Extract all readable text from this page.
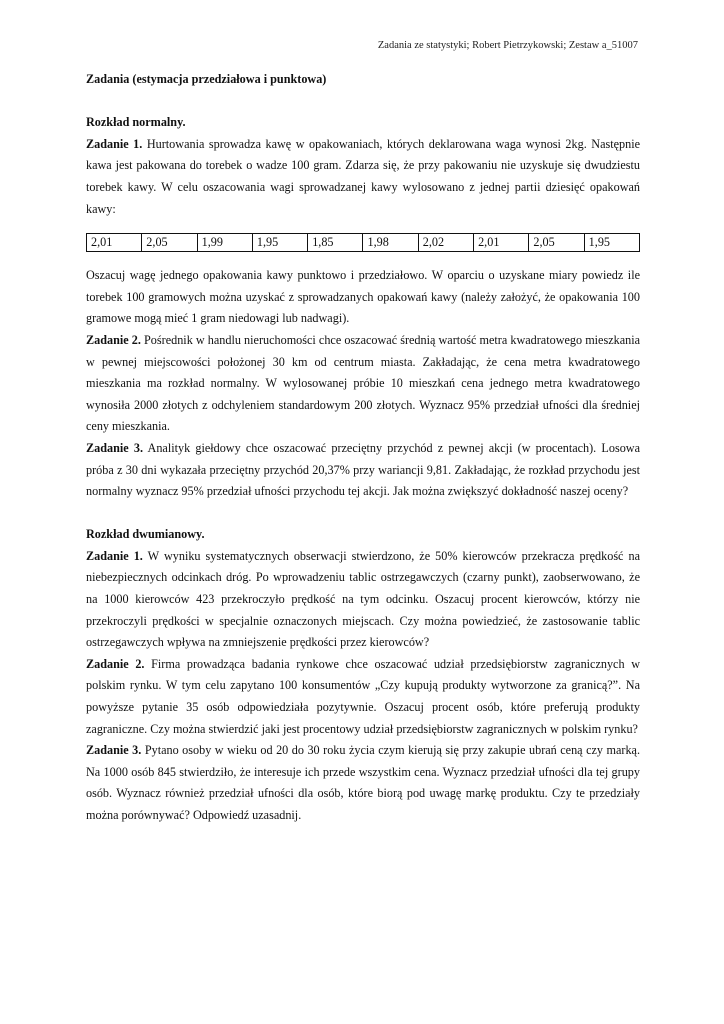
Zadania ze statystyki; Robert Pietrzykowski; Zestaw a_51007

Zadania (estymacja przedziałowa i punktowa)

Rozkład normalny.

Zadanie 1. Hurtowania sprowadza kawę w opakowaniach, których deklarowana waga wynosi 2kg. Następnie kawa jest pakowana do torebek o wadze 100 gram. Zdarza się, że przy pakowaniu nie uzyskuje się dwudziestu torebek kawy. W celu oszacowania wagi sprowadzanej kawy wylosowano z jednej partii dziesięć opakowań kawy:

2,01	2,05	1,99	1,95	1,85	1,98	2,02	2,01	2,05	1,95

Oszacuj wagę jednego opakowania kawy punktowo i przedziałowo. W oparciu o uzyskane miary powiedz ile torebek 100 gramowych można uzyskać z sprowadzanych opakowań kawy (należy założyć, że opakowania 100 gramowe mogą mieć 1 gram niedowagi lub nadwagi).

Zadanie 2. Pośrednik w handlu nieruchomości chce oszacować średnią wartość metra kwadratowego mieszkania w pewnej miejscowości położonej 30 km od centrum miasta. Zakładając, że cena metra kwadratowego mieszkania ma rozkład normalny. W wylosowanej próbie 10 mieszkań cena jednego metra kwadratowego wynosiła 2000 złotych z odchyleniem standardowym 200 złotych. Wyznacz 95% przedział ufności dla średniej ceny mieszkania.

Zadanie 3. Analityk giełdowy chce oszacować przeciętny przychód z pewnej akcji (w procentach). Losowa próba z 30 dni wykazała przeciętny przychód 20,37% przy wariancji 9,81. Zakładając, że rozkład przychodu jest normalny wyznacz 95% przedział ufności przychodu tej akcji. Jak można zwiększyć dokładność naszej oceny?

Rozkład dwumianowy.

Zadanie 1. W wyniku systematycznych obserwacji stwierdzono, że 50% kierowców przekracza prędkość na niebezpiecznych odcinkach dróg. Po wprowadzeniu tablic ostrzegawczych (czarny punkt), zaobserwowano, że na 1000 kierowców 423 przekroczyło prędkość na tym odcinku. Oszacuj procent kierowców, którzy nie przekroczyli prędkości w specjalnie oznaczonych miejscach. Czy można powiedzieć, że zastosowanie tablic ostrzegawczych wpływa na zmniejszenie prędkości przez kierowców?

Zadanie 2. Firma prowadząca badania rynkowe chce oszacować udział przedsiębiorstw zagranicznych w polskim rynku. W tym celu zapytano 100 konsumentów „Czy kupują produkty wytworzone za granicą?”. Na powyższe pytanie 35 osób odpowiedziała pozytywnie. Oszacuj procent osób, które preferują produkty zagraniczne. Czy można stwierdzić jaki jest procentowy udział przedsiębiorstw zagranicznych w polskim rynku?

Zadanie 3. Pytano osoby w wieku od 20 do 30 roku życia czym kierują się przy zakupie ubrań ceną czy marką. Na 1000 osób 845 stwierdziło, że interesuje ich przede wszystkim cena. Wyznacz przedział ufności dla tej grupy osób. Wyznacz również przedział ufności dla osób, które biorą pod uwagę markę produktu. Czy te przedziały można porównywać? Odpowiedź uzasadnij.
